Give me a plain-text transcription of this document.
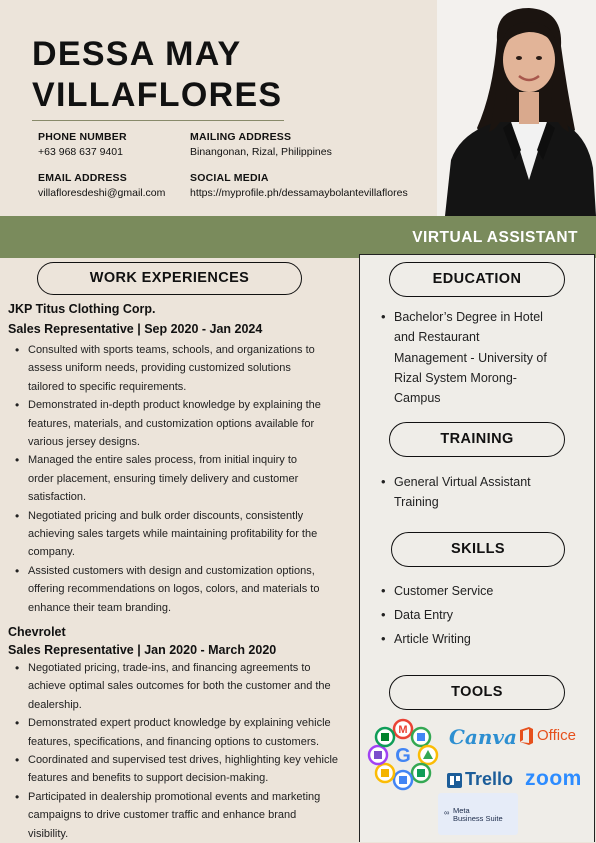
DESSA MAY
VILLAFLORES
PHONE NUMBER
+63 968 637 9401
MAILING ADDRESS
Binangonan, Rizal, Philippines
EMAIL ADDRESS
villafloresdeshi@gmail.com
SOCIAL MEDIA
https://myprofile.ph/dessamaybolantevillaflores
VIRTUAL ASSISTANT
WORK EXPERIENCES
JKP Titus Clothing Corp.
Sales Representative | Sep 2020 - Jan 2024
• Consulted with sports teams, schools, and organizations to
assess uniform needs, providing customized solutions
tailored to specific requirements.
• Demonstrated in-depth product knowledge by explaining the
features, materials, and customization options available for
various jersey designs.
• Managed the entire sales process, from initial inquiry to
order placement, ensuring timely delivery and customer
satisfaction.
• Negotiated pricing and bulk order discounts, consistently
achieving sales targets while maintaining profitability for the
company.
• Assisted customers with design and customization options,
offering recommendations on logos, colors, and materials to
enhance their team branding.
Chevrolet
Sales Representative | Jan 2020 - March 2020
• Negotiated pricing, trade-ins, and financing agreements to
achieve optimal sales outcomes for both the customer and the
dealership.
• Demonstrated expert product knowledge by explaining vehicle
features, specifications, and financing options to customers.
• Coordinated and supervised test drives, highlighting key vehicle
features and benefits to support decision-making.
• Participated in dealership promotional events and marketing
campaigns to drive customer traffic and enhance brand
visibility.
EDUCATION
• Bachelor’s Degree in Hotel
and Restaurant
Management - University of
Rizal System Morong-
Campus
TRAINING
• General Virtual Assistant
Training
SKILLS
• Customer Service
• Data Entry
• Article Writing
TOOLS
M
G
Canva Office
Trello zoom
∞ Meta
Business Suite
